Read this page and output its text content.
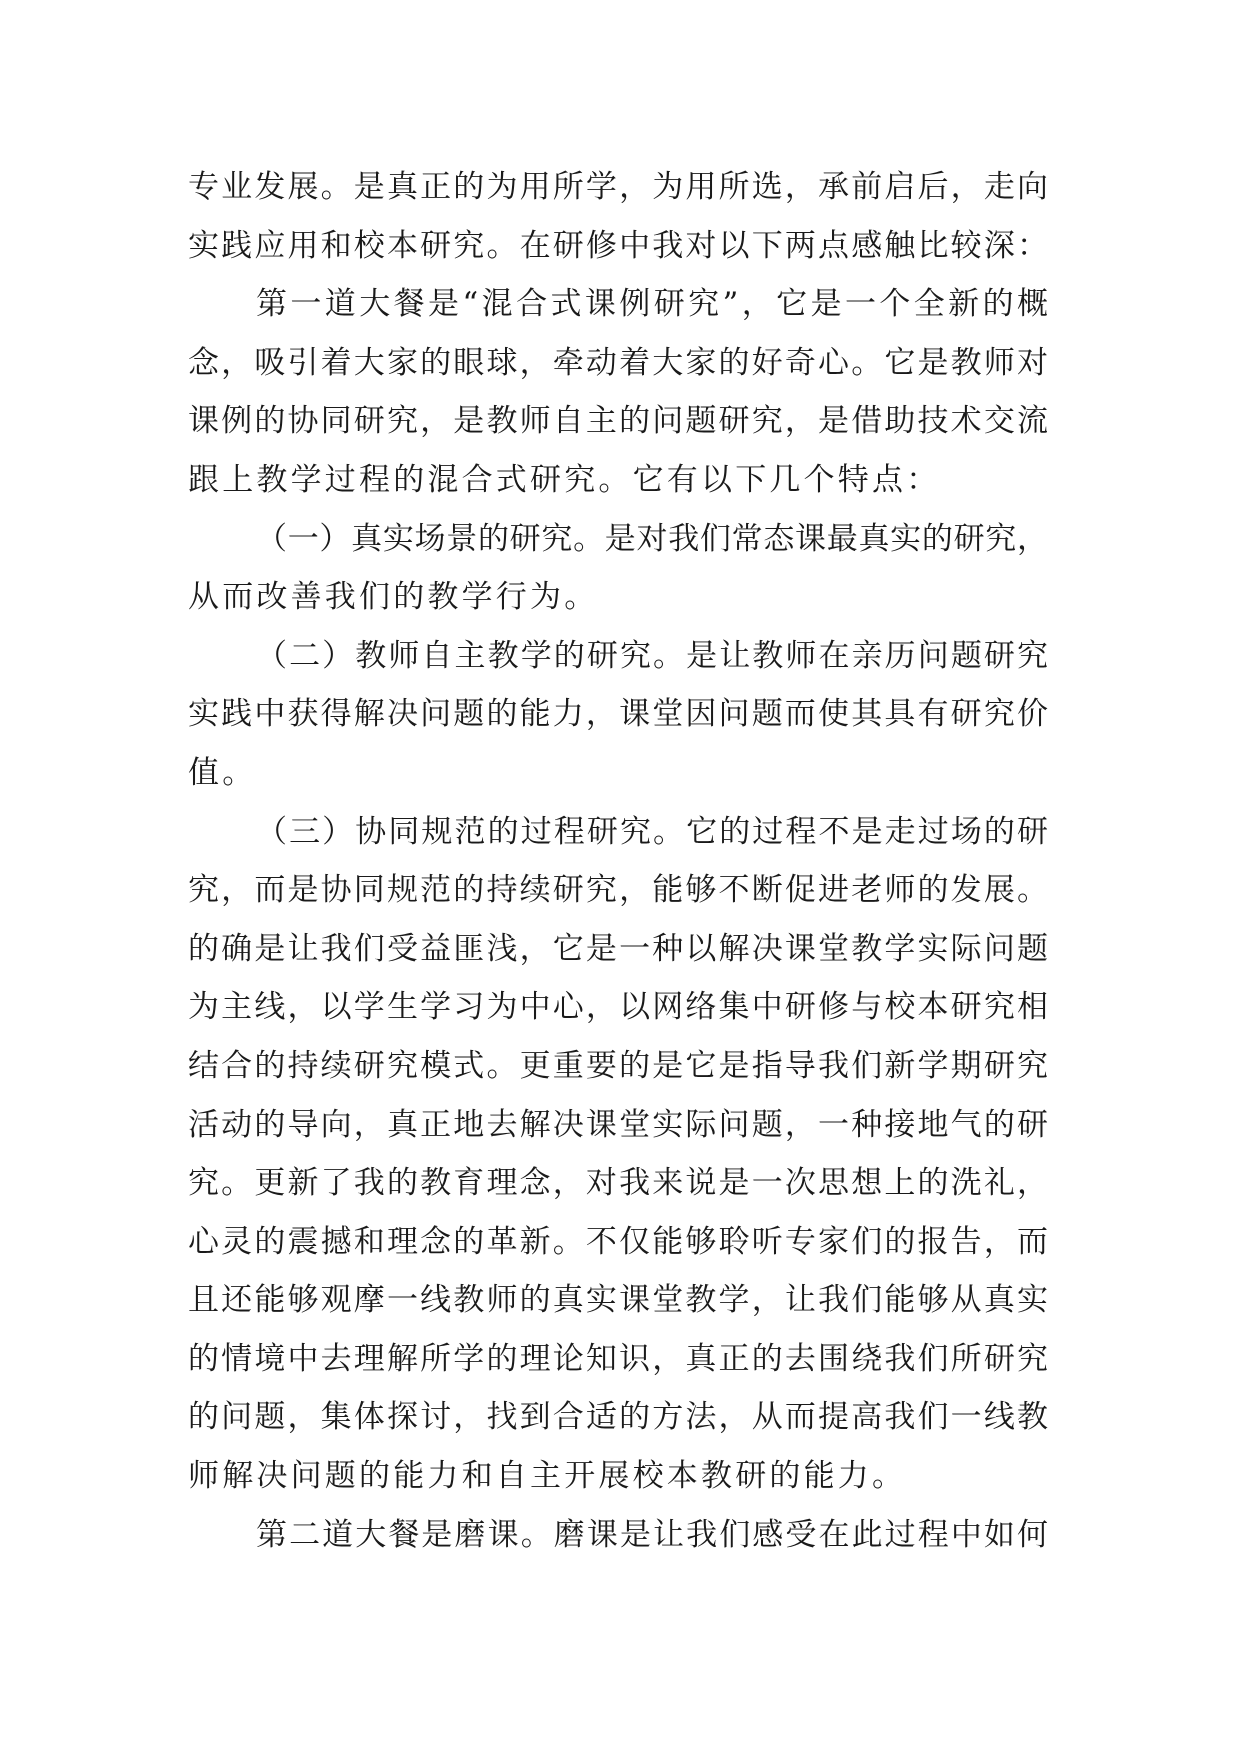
专业发展。是真正的为用所学，为用所选，承前启后，走向
实践应用和校本研究。在研修中我对以下两点感触比较深：
第一道大餐是“混合式课例研究”，它是一个全新的概
念，吸引着大家的眼球，牵动着大家的好奇心。它是教师对
课例的协同研究，是教师自主的问题研究，是借助技术交流
跟上教学过程的混合式研究。它有以下几个特点：
（一）真实场景的研究。是对我们常态课最真实的研究，
从而改善我们的教学行为。
（二）教师自主教学的研究。是让教师在亲历问题研究
实践中获得解决问题的能力，课堂因问题而使其具有研究价
值。
（三）协同规范的过程研究。它的过程不是走过场的研
究，而是协同规范的持续研究，能够不断促进老师的发展。
的确是让我们受益匪浅，它是一种以解决课堂教学实际问题
为主线，以学生学习为中心，以网络集中研修与校本研究相
结合的持续研究模式。更重要的是它是指导我们新学期研究
活动的导向，真正地去解决课堂实际问题，一种接地气的研
究。更新了我的教育理念，对我来说是一次思想上的洗礼，
心灵的震撼和理念的革新。不仅能够聆听专家们的报告，而
且还能够观摩一线教师的真实课堂教学，让我们能够从真实
的情境中去理解所学的理论知识，真正的去围绕我们所研究
的问题，集体探讨，找到合适的方法，从而提高我们一线教
师解决问题的能力和自主开展校本教研的能力。
第二道大餐是磨课。磨课是让我们感受在此过程中如何
